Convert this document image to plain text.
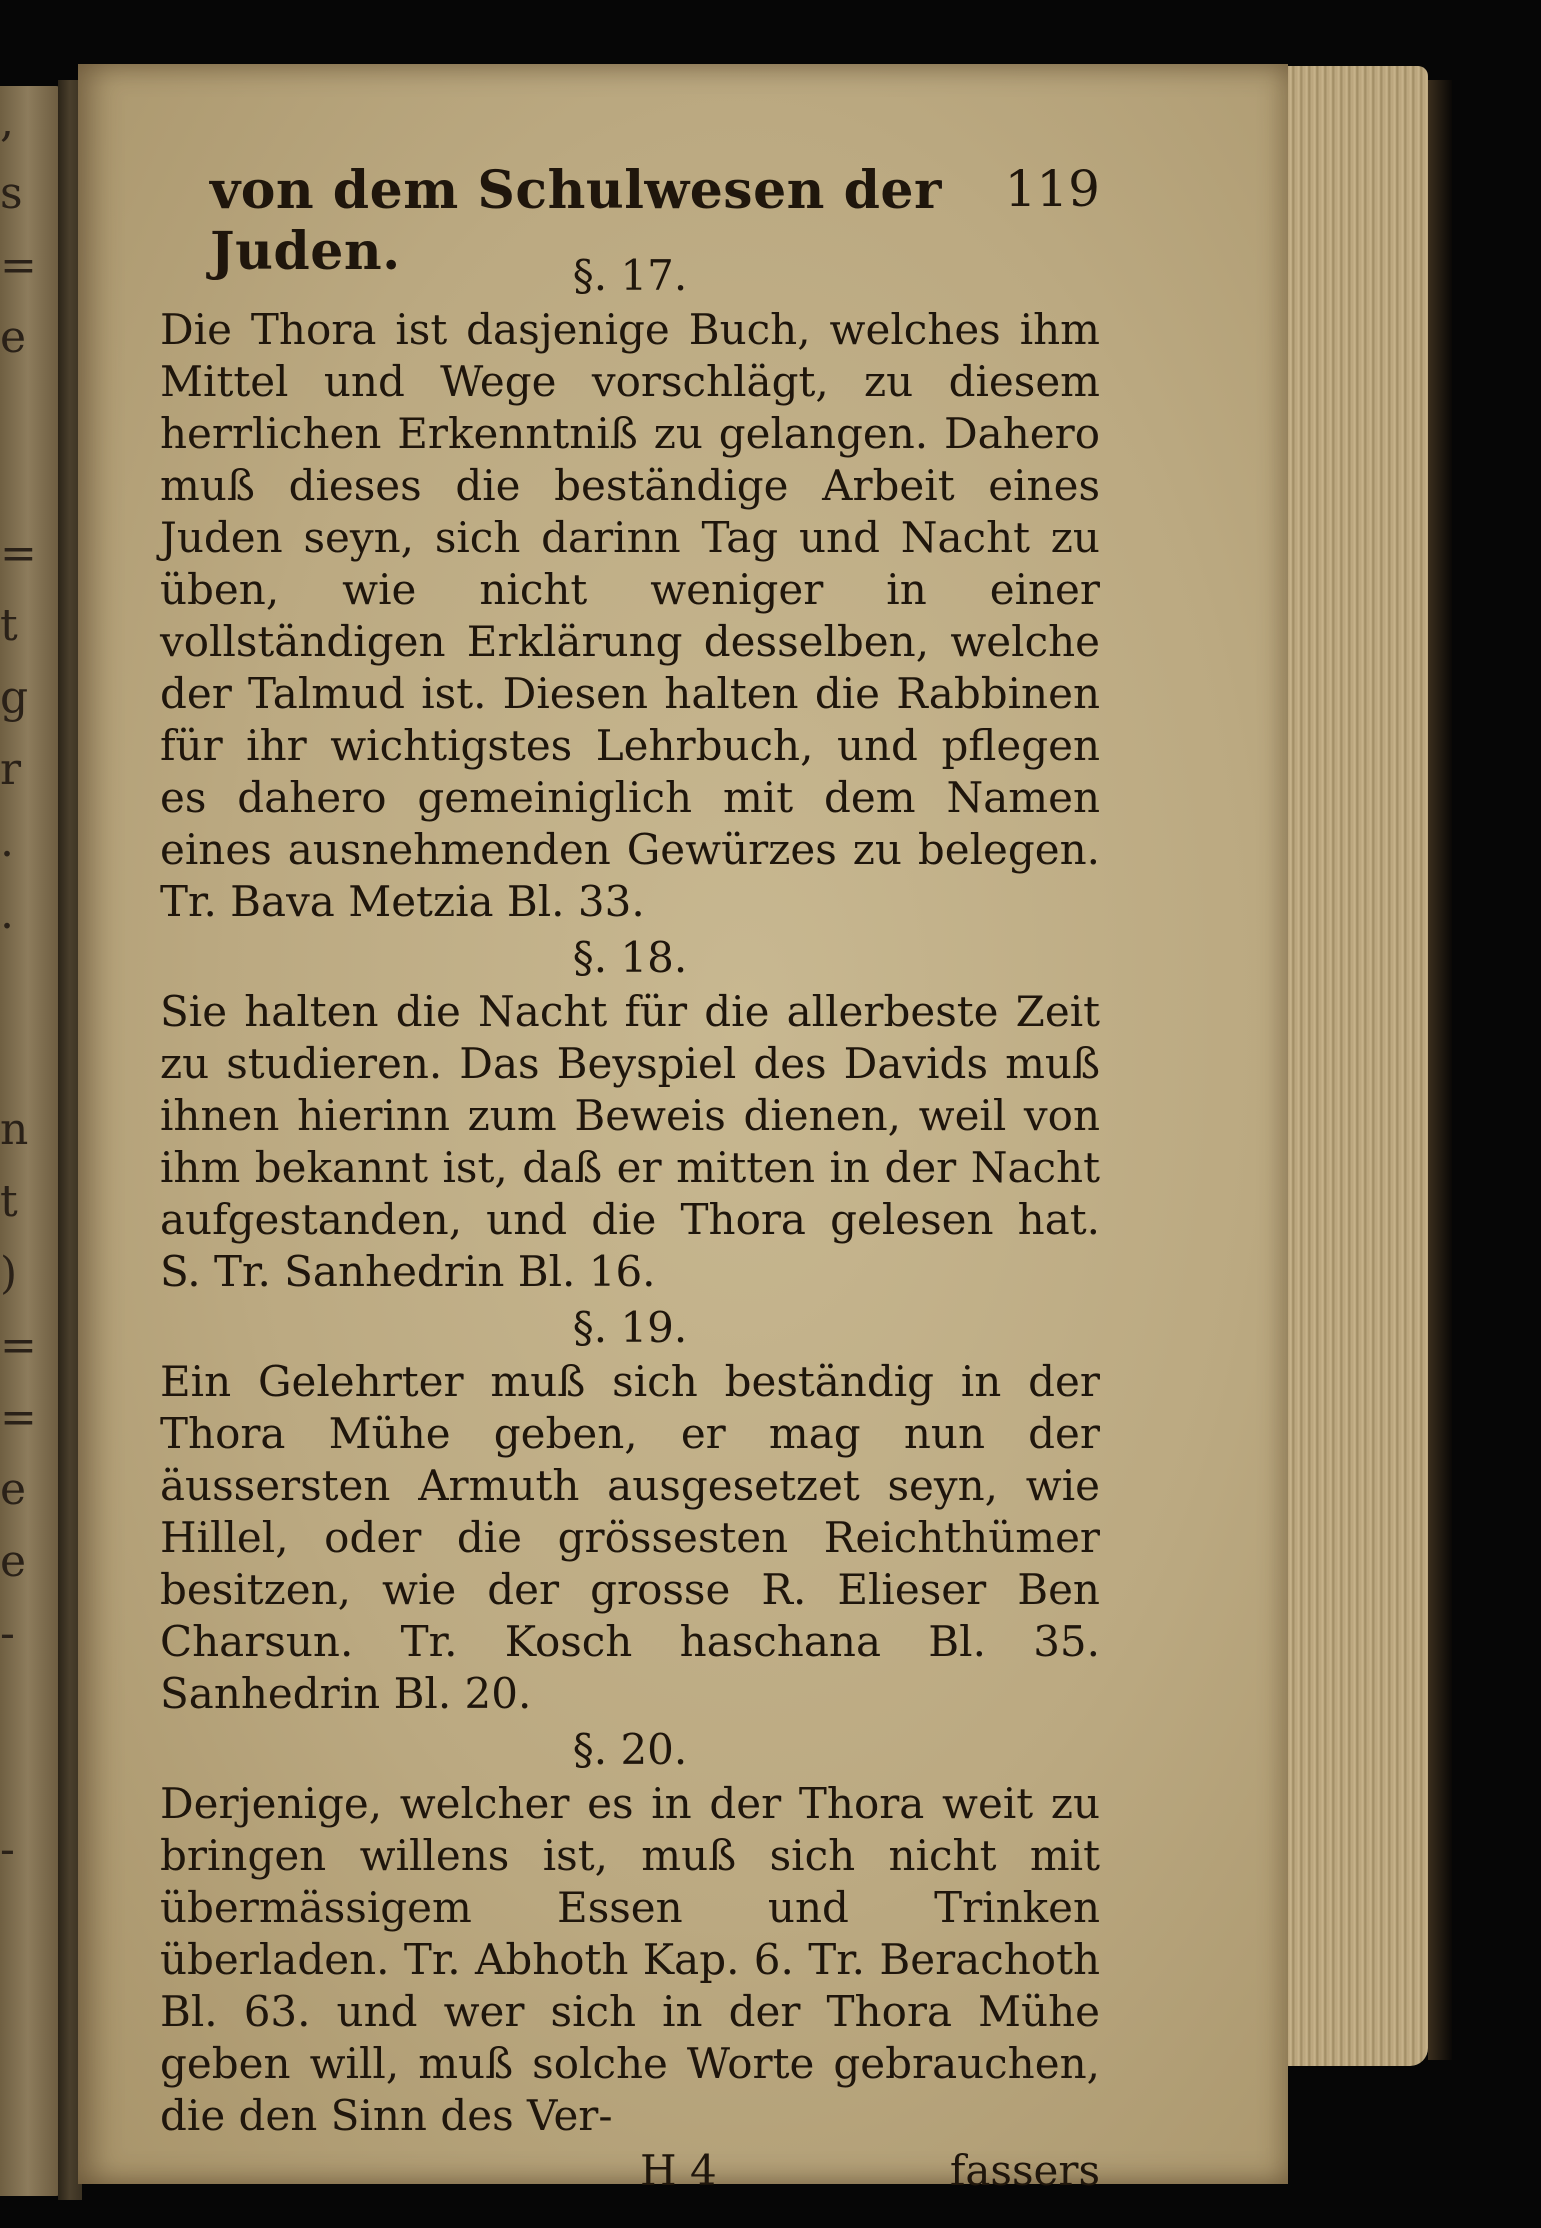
,
s
=
e

=
t
g
r
.
.

n
t
)
=
=
e
e
-

-

von dem Schulwesen der Juden.
119
§. 17.

Die Thora ist dasjenige Buch, welches ihm Mittel und Wege vorschlägt, zu diesem herrlichen Erkenntniß zu gelangen. Dahero muß dieses die beständige Arbeit eines Juden seyn, sich darinn Tag und Nacht zu üben, wie nicht weniger in einer vollständigen Erklärung desselben, welche der Talmud ist. Diesen halten die Rabbinen für ihr wichtigstes Lehrbuch, und pflegen es dahero gemeiniglich mit dem Namen eines ausnehmenden Gewürzes zu belegen. Tr. Bava Metzia Bl. 33.

§. 18.

Sie halten die Nacht für die allerbeste Zeit zu studieren. Das Beyspiel des Davids muß ihnen hierinn zum Beweis dienen, weil von ihm bekannt ist, daß er mitten in der Nacht aufgestanden, und die Thora gelesen hat. S. Tr. Sanhedrin Bl. 16.

§. 19.

Ein Gelehrter muß sich beständig in der Thora Mühe geben, er mag nun der äussersten Armuth ausgesetzet seyn, wie Hillel, oder die grössesten Reichthümer besitzen, wie der grosse R. Elieser Ben Charsun. Tr. Kosch haschana Bl. 35. Sanhedrin Bl. 20.

§. 20.

Derjenige, welcher es in der Thora weit zu bringen willens ist, muß sich nicht mit übermässigem Essen und Trinken überladen. Tr. Abhoth Kap. 6. Tr. Berachoth Bl. 63. und wer sich in der Thora Mühe geben will, muß solche Worte gebrauchen, die den Sinn des Ver-

H 4	fassers
